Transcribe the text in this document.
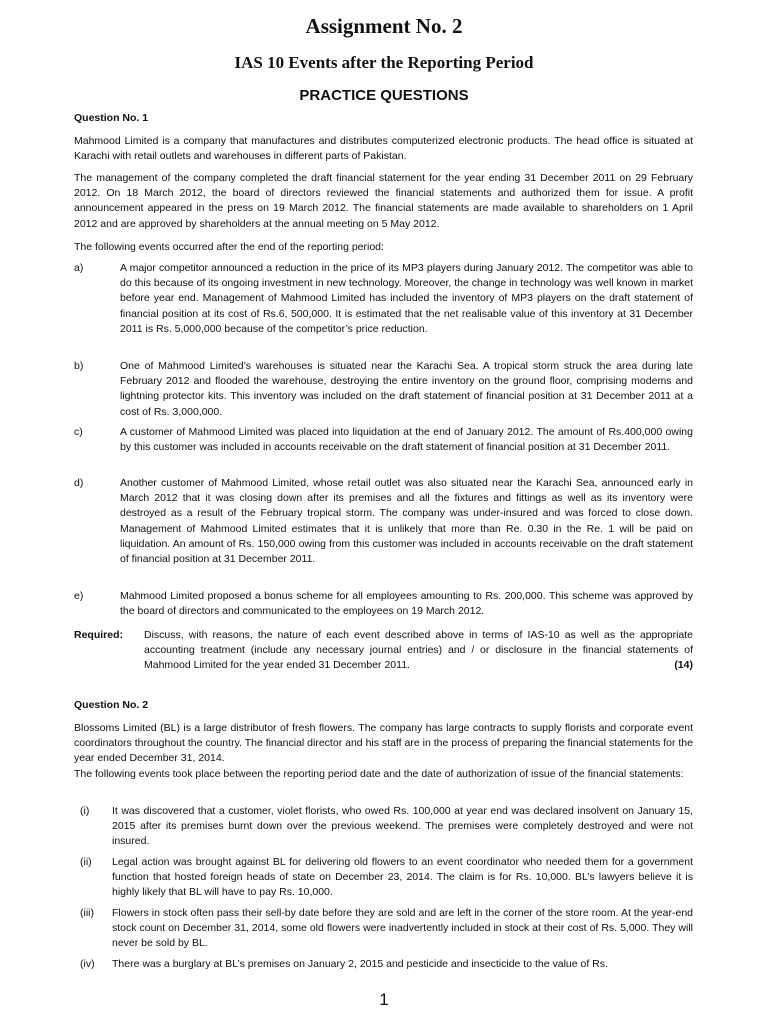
Assignment No. 2
IAS 10 Events after the Reporting Period
PRACTICE QUESTIONS

Question No. 1

Mahmood Limited is a company that manufactures and distributes computerized electronic products. The head office is situated at Karachi with retail outlets and warehouses in different parts of Pakistan.

The management of the company completed the draft financial statement for the year ending 31 December 2011 on 29 February 2012. On 18 March 2012, the board of directors reviewed the financial statements and authorized them for issue. A profit announcement appeared in the press on 19 March 2012. The financial statements are made available to shareholders on 1 April 2012 and are approved by shareholders at the annual meeting on 5 May 2012.

The following events occurred after the end of the reporting period:

a)	A major competitor announced a reduction in the price of its MP3 players during January 2012. The competitor was able to do this because of its ongoing investment in new technology. Moreover, the change in technology was well known in market before year end. Management of Mahmood Limited has included the inventory of MP3 players on the draft statement of financial position at its cost of Rs.6, 500,000. It is estimated that the net realisable value of this inventory at 31 December 2011 is Rs. 5,000,000 because of the competitor’s price reduction.

b)	One of Mahmood Limited’s warehouses is situated near the Karachi Sea. A tropical storm struck the area during late February 2012 and flooded the warehouse, destroying the entire inventory on the ground floor, comprising modems and lightning protector kits. This inventory was included on the draft statement of financial position at 31 December 2011 at a cost of Rs. 3,000,000.

c)	A customer of Mahmood Limited was placed into liquidation at the end of January 2012. The amount of Rs.400,000 owing by this customer was included in accounts receivable on the draft statement of financial position at 31 December 2011.

d)	Another customer of Mahmood Limited, whose retail outlet was also situated near the Karachi Sea, announced early in March 2012 that it was closing down after its premises and all the fixtures and fittings as well as its inventory were destroyed as a result of the February tropical storm. The company was under-insured and was forced to close down. Management of Mahmood Limited estimates that it is unlikely that more than Re. 0.30 in the Re. 1 will be paid on liquidation. An amount of Rs. 150,000 owing from this customer was included in accounts receivable on the draft statement of financial position at 31 December 2011.

e)	Mahmood Limited proposed a bonus scheme for all employees amounting to Rs. 200,000. This scheme was approved by the board of directors and communicated to the employees on 19 March 2012.

Required: Discuss, with reasons, the nature of each event described above in terms of IAS-10 as well as the appropriate accounting treatment (include any necessary journal entries) and / or disclosure in the financial statements of Mahmood Limited for the year ended 31 December 2011.	(14)

Question No. 2

Blossoms Limited (BL) is a large distributor of fresh flowers. The company has large contracts to supply florists and corporate event coordinators throughout the country. The financial director and his staff are in the process of preparing the financial statements for the year ended December 31, 2014.

The following events took place between the reporting period date and the date of authorization of issue of the financial statements:

(i) It was discovered that a customer, violet florists, who owed Rs. 100,000 at year end was declared insolvent on January 15, 2015 after its premises burnt down over the previous weekend. The premises were completely destroyed and were not insured.

(ii) Legal action was brought against BL for delivering old flowers to an event coordinator who needed them for a government function that hosted foreign heads of state on December 23, 2014. The claim is for Rs. 10,000. BL’s lawyers believe it is highly likely that BL will have to pay Rs. 10,000.

(iii) Flowers in stock often pass their sell-by date before they are sold and are left in the corner of the store room. At the year-end stock count on December 31, 2014, some old flowers were inadvertently included in stock at their cost of Rs. 5,000. They will never be sold by BL.

(iv) There was a burglary at BL’s premises on January 2, 2015 and pesticide and insecticide to the value of Rs.

1
